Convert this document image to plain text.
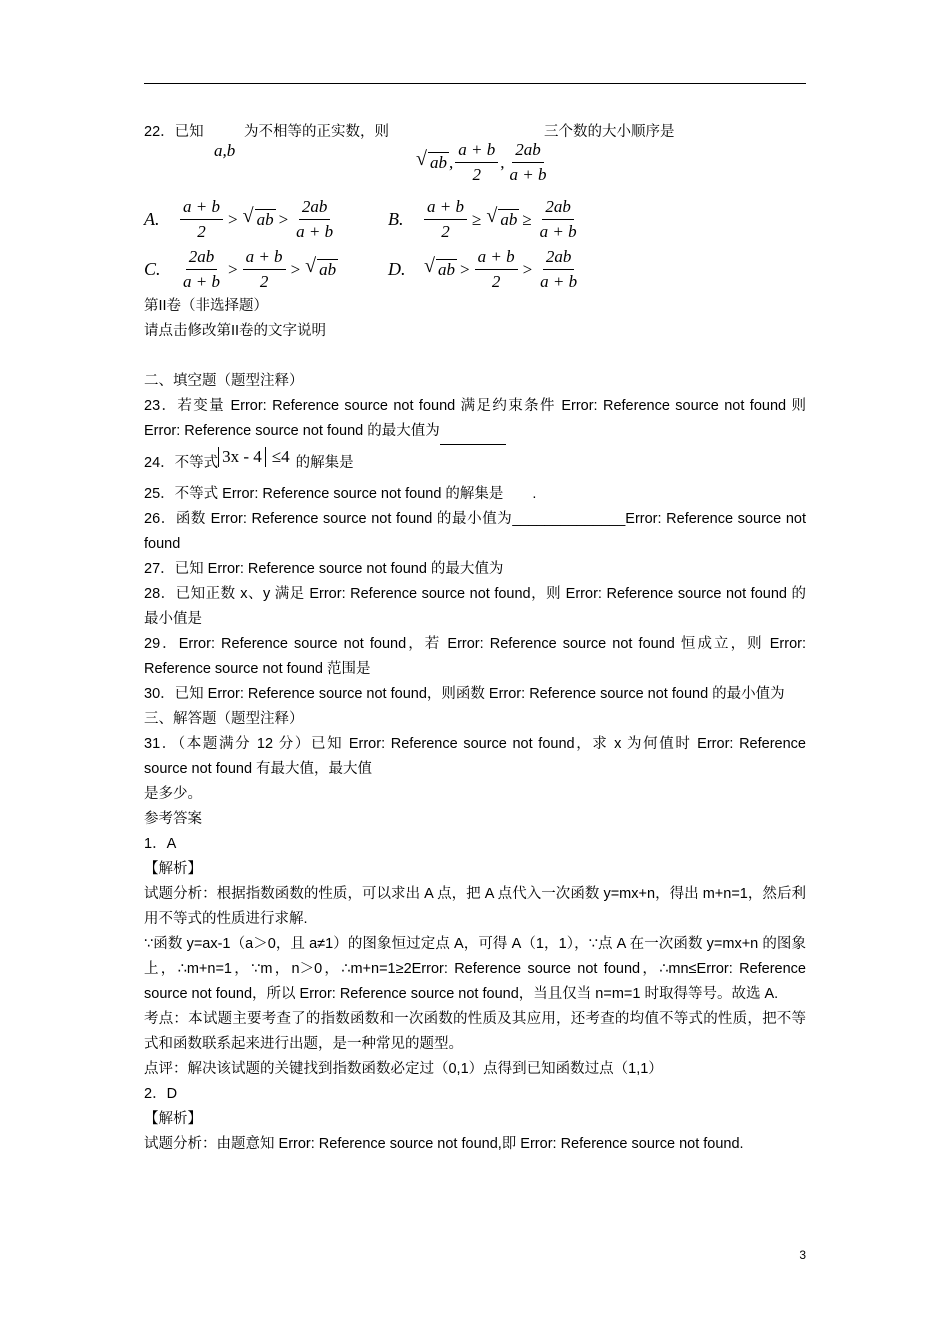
22．已知
a,b
为不相等的正实数，则
√ ab , $\frac{a + b}{2}$ , $\frac{2ab}{a + b}$
三个数的大小顺序是
A.	$\frac{a + b}{2}$ >	√ ab > $\frac{2ab}{a + b}$	B.	$\frac{a + b}{2}$ ≥	√ ab ≥ $\frac{2ab}{a + b}$
C.	$\frac{2ab}{a + b} > \frac{a + b}{2}$ >	√ ab	D.	√ ab > $\frac{a + b}{2} > \frac{2ab}{a + b}$
第II卷（非选择题）
请点击修改第II卷的文字说明
二、填空题（题型注释）
23．若变量 Error: Reference source not found 满足约束条件 Error: Reference source not found 则 Error: Reference source not found 的最大值为
24．不等式 3x - 4 ≤4 的解集是
25．不等式 Error: Reference source not found 的解集是　　.
26．函数 Error: Reference source not found 的最小值为______________Error: Reference source not found
27．已知 Error: Reference source not found 的最大值为
28．已知正数 x、y 满足 Error: Reference source not found，则 Error: Reference source not found 的最小值是
29．Error: Reference source not found，若 Error: Reference source not found 恒成立，则 Error: Reference source not found 范围是
30．已知 Error: Reference source not found，则函数 Error: Reference source not found 的最小值为
三、解答题（题型注释）
31．（本题满分 12 分）已知 Error: Reference source not found，求 x 为何值时 Error: Reference source not found 有最大值，最大值
是多少。
参考答案
1．A
【解析】
试题分析：根据指数函数的性质，可以求出 A 点，把 A 点代入一次函数 y=mx+n，得出 m+n=1，然后利用不等式的性质进行求解.
∵函数 y=ax-1（a＞0，且 a≠1）的图象恒过定点 A，可得 A（1，1），∵点 A 在一次函数 y=mx+n 的图象上，∴m+n=1，∵m，n＞0，∴m+n=1≥2Error: Reference source not found，∴mn≤Error: Reference source not found，所以 Error: Reference source not found，当且仅当 n=m=1 时取得等号。故选 A.
考点：本试题主要考查了的指数函数和一次函数的性质及其应用，还考查的均值不等式的性质，把不等式和函数联系起来进行出题，是一种常见的题型。
点评：解决该试题的关键找到指数函数必定过（0,1）点得到已知函数过点（1,1）
2．D
【解析】
试题分析：由题意知 Error: Reference source not found,即 Error: Reference source not found.
3
